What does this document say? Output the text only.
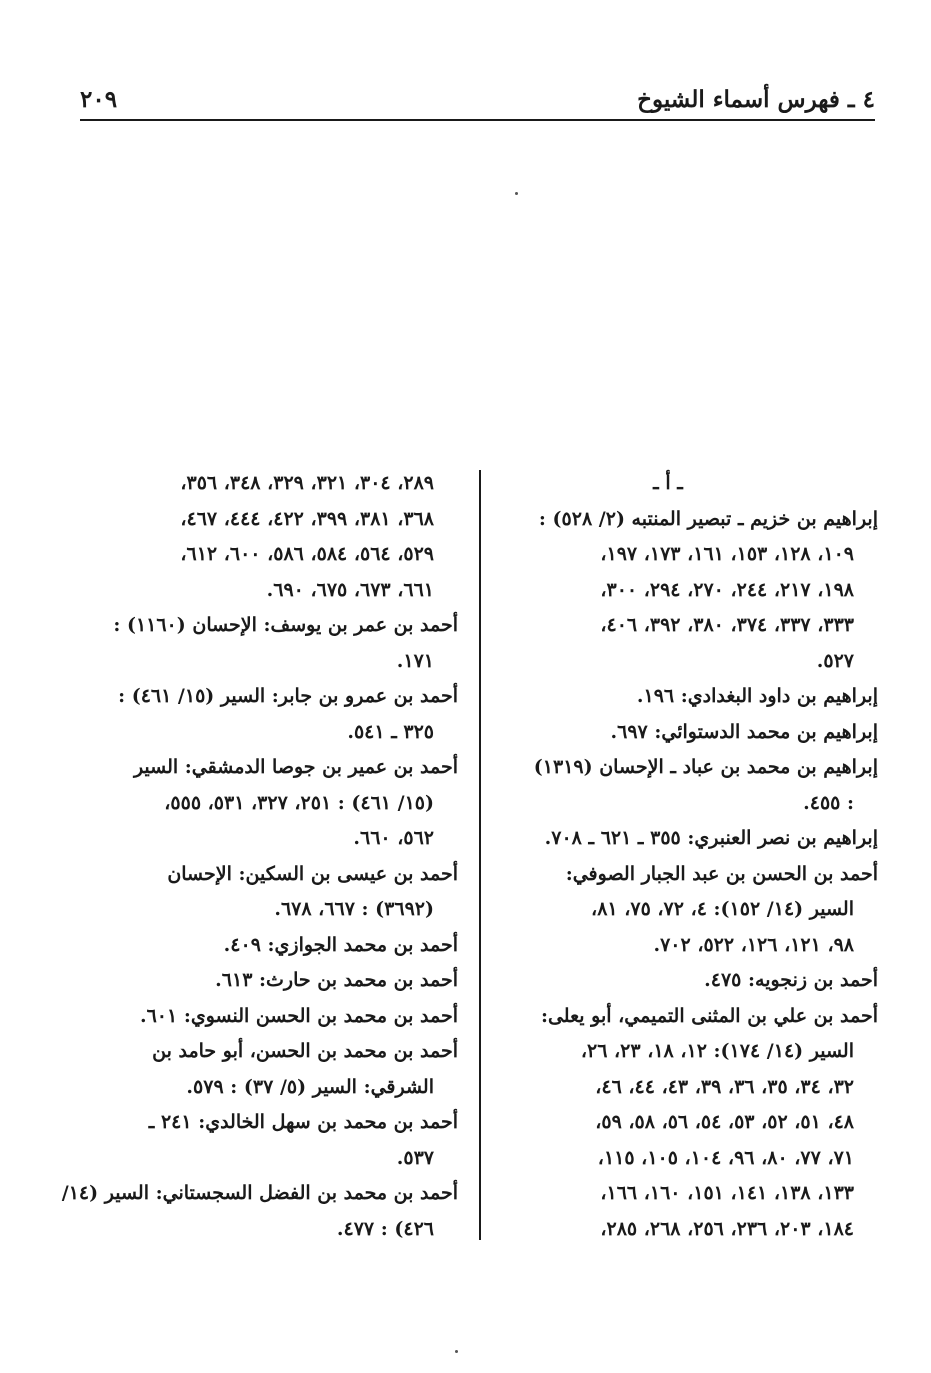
٤ ـ فهرس أسماء الشيوخ
٢٠٩
ـ أ ـ
إبراهيم بن خزيم ـ تبصير المنتبه (٢/ ٥٢٨) :
١٠٩، ١٢٨، ١٥٣، ١٦١، ١٧٣، ١٩٧،
١٩٨، ٢١٧، ٢٤٤، ٢٧٠، ٢٩٤، ٣٠٠،
٣٣٣، ٣٣٧، ٣٧٤، ٣٨٠، ٣٩٢، ٤٠٦،
٥٢٧.
إبراهيم بن داود البغدادي: ١٩٦.
إبراهيم بن محمد الدستوائي: ٦٩٧.
إبراهيم بن محمد بن عباد ـ الإحسان (١٣١٩)
: ٤٥٥.
إبراهيم بن نصر العنبري: ٣٥٥ ـ ٦٢١ ـ ٧٠٨.
أحمد بن الحسن بن عبد الجبار الصوفي:
السير (١٤/ ١٥٢): ٤، ٧٢، ٧٥، ٨١،
٩٨، ١٢١، ١٢٦، ٥٢٢، ٧٠٢.
أحمد بن زنجويه: ٤٧٥.
أحمد بن علي بن المثنى التميمي، أبو يعلى:
السير (١٤/ ١٧٤): ١٢، ١٨، ٢٣، ٢٦،
٣٢، ٣٤، ٣٥، ٣٦، ٣٩، ٤٣، ٤٤، ٤٦،
٤٨، ٥١، ٥٢، ٥٣، ٥٤، ٥٦، ٥٨، ٥٩،
٧١، ٧٧، ٨٠، ٩٦، ١٠٤، ١٠٥، ١١٥،
١٣٣، ١٣٨، ١٤١، ١٥١، ١٦٠، ١٦٦،
١٨٤، ٢٠٣، ٢٣٦، ٢٥٦، ٢٦٨، ٢٨٥،
٢٨٩، ٣٠٤، ٣٢١، ٣٢٩، ٣٤٨، ٣٥٦،
٣٦٨، ٣٨١، ٣٩٩، ٤٢٢، ٤٤٤، ٤٦٧،
٥٢٩، ٥٦٤، ٥٨٤، ٥٨٦، ٦٠٠، ٦١٢،
٦٦١، ٦٧٣، ٦٧٥، ٦٩٠.
أحمد بن عمر بن يوسف: الإحسان (١١٦٠) :
١٧١.
أحمد بن عمرو بن جابر: السير (١٥/ ٤٦١) :
٣٢٥ ـ ٥٤١.
أحمد بن عمير بن جوصا الدمشقي: السير
(١٥/ ٤٦١) : ٢٥١، ٣٢٧، ٥٣١، ٥٥٥،
٥٦٢، ٦٦٠.
أحمد بن عيسى بن السكين: الإحسان
(٣٦٩٢) : ٦٦٧، ٦٧٨.
أحمد بن محمد الجوازي: ٤٠٩.
أحمد بن محمد بن حارث: ٦١٣.
أحمد بن محمد بن الحسن النسوي: ٦٠١.
أحمد بن محمد بن الحسن، أبو حامد بن
الشرقي: السير (٥/ ٣٧) : ٥٧٩.
أحمد بن محمد بن سهل الخالدي: ٢٤١ ـ
٥٣٧.
أحمد بن محمد بن الفضل السجستاني: السير (١٤/
٤٢٦) : ٤٧٧.
